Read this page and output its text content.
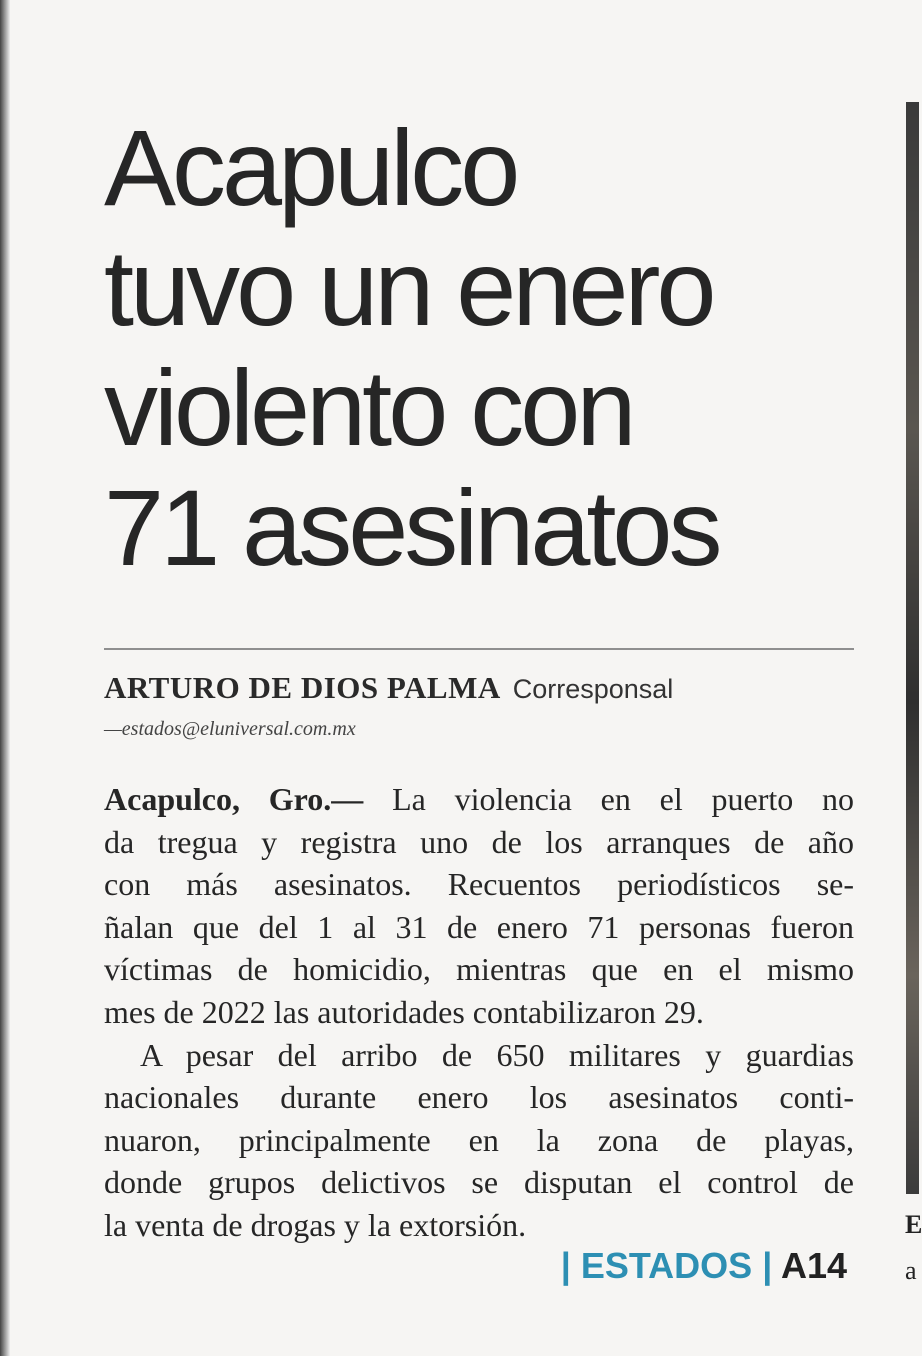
E
a
Acapulco
tuvo un enero
violento con
71 asesinatos
ARTURO DE DIOS PALMA Corresponsal
—estados@eluniversal.com.mx
Acapulco, Gro.— La violencia en el puerto no
da tregua y registra uno de los arranques de año
con más asesinatos. Recuentos periodísticos se-
ñalan que del 1 al 31 de enero 71 personas fueron
víctimas de homicidio, mientras que en el mismo
mes de 2022 las autoridades contabilizaron 29.
A pesar del arribo de 650 militares y guardias
nacionales durante enero los asesinatos conti-
nuaron, principalmente en la zona de playas,
donde grupos delictivos se disputan el control de
la venta de drogas y la extorsión.
| ESTADOS | A14
